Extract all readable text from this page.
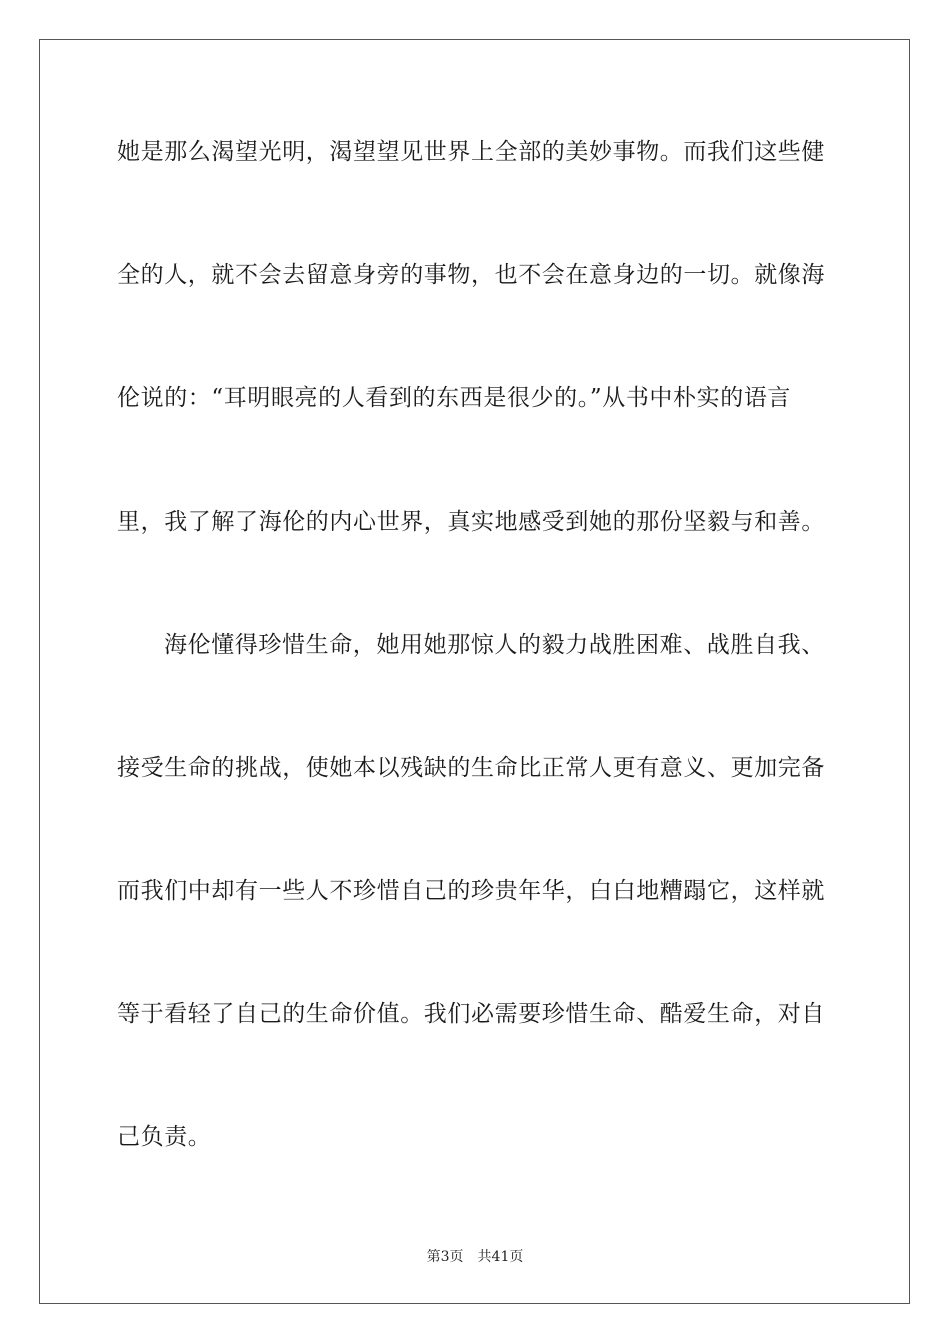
她是那么渴望光明，渴望望见世界上全部的美妙事物。而我们这些健
全的人，就不会去留意身旁的事物，也不会在意身边的一切。就像海
伦说的：“耳明眼亮的人看到的东西是很少的。”从书中朴实的语言
里，我了解了海伦的内心世界，真实地感受到她的那份坚毅与和善。
海伦懂得珍惜生命，她用她那惊人的毅力战胜困难、战胜自我、
接受生命的挑战，使她本以残缺的生命比正常人更有意义、更加完备
而我们中却有一些人不珍惜自己的珍贵年华，白白地糟蹋它，这样就
等于看轻了自己的生命价值。我们必需要珍惜生命、酷爱生命，对自
己负责。
第3页 共41页
